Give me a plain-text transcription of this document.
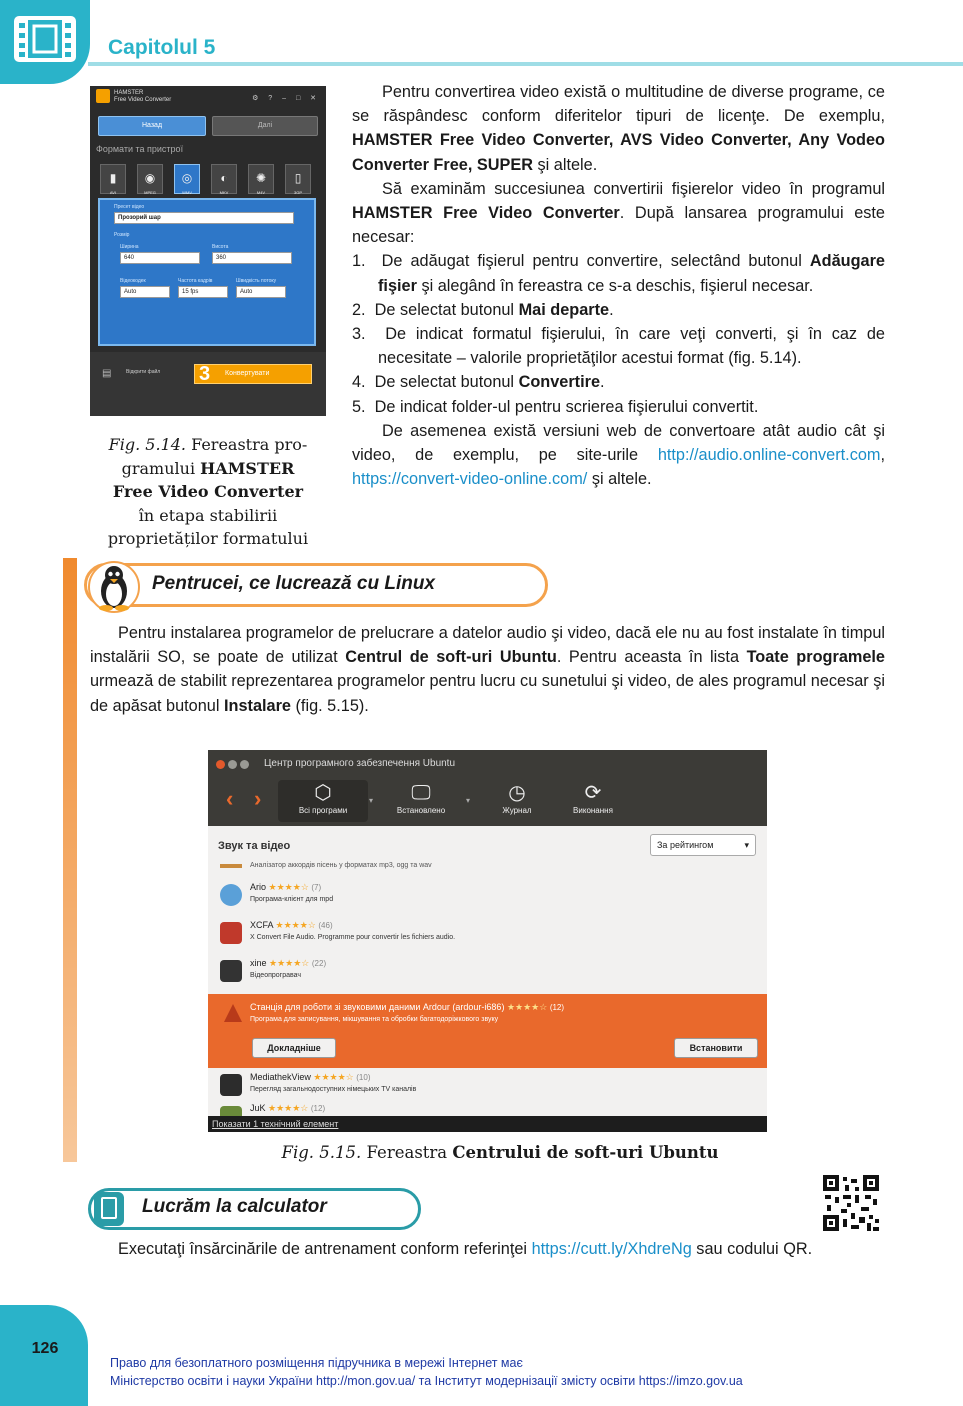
Capitolul 5
HAMSTER
Free Video Converter	⚙ ? – □ ✕
Назад	Далі
Формати та пристрої
▮
AVI
◉
MPEG
◎
WMV
◐
MKV
✺
M4V
▯
3GP
Пресет відео
Прозорий шар
Розмір
Ширина
640
Висота
360
Відеокодек
Auto
Частота кадрів
15 fps
Швидкість потоку
Auto
▤	Відкрити файл 3 Конвертувати
Fig. 5.14. Fereastra pro-
gramului HAMSTER
Free Video Converter
în etapa stabilirii
proprietăților formatului

Pentru convertirea video există o multitudine de diverse programe, ce se răspândesc conform diferitelor tipuri de licenţe. De exemplu, HAMSTER Free Video Converter, AVS Video Converter, Any Vodeo Converter Free, SUPER şi altele.

Să examinăm succesiunea convertirii fişierelor video în programul HAMSTER Free Video Converter. După lansarea programului este necesar:

1. De adăugat fişierul pentru convertire, selectând butonul Adăugare fişier şi alegând în fereastra ce s-a deschis, fişierul necesar.

2. De selectat butonul Mai departe.

3. De indicat formatul fişierului, în care veţi converti, şi în caz de necesitate – valorile proprietăţilor acestui format (fig. 5.14).

4. De selectat butonul Convertire.

5. De indicat folder-ul pentru scrierea fişierului convertit.

De asemenea există versiuni web de convertoare atât audio cât şi video, de exemplu, pe site-urile http://audio.online-convert.com, https://convert-video-online.com/ şi altele.

Pentrucei, ce lucrează cu Linux

Pentru instalarea programelor de prelucrare a datelor audio şi video, dacă ele nu au fost instalate în timpul instalării SO, se poate de utilizat Centrul de soft-uri Ubuntu. Pentru aceasta în lista Toate programele urmează de stabilit reprezentarea programelor pentru lucru cu sunetului şi video, de ales programul necesar şi de apăsat butonul Instalare (fig. 5.15).

Центр програмного забезпечення Ubuntu
‹ ›	⬡
Всі програми
▾	🖵
Встановлено
▾	◷
Журнал
⟳
Виконання
Звук та відео	За рейтингом	▾
Аналізатор аккордів пісень у форматах mp3, ogg та wav
Ario ★★★★☆ (7)
Програма-клієнт для mpd
XCFA ★★★★☆ (46)
X Convert File Audio. Programme pour convertir les fichiers audio.
xine ★★★★☆ (22)
Відеопрогравач
Станція для роботи зі звуковими даними Ardour (ardour-i686) ★★★★☆ (12)
Програма для записування, мікшування та обробки багатодоріжкового звуку
Докладніше	Встановити
MediathekView ★★★★☆ (10)
Перегляд загальнодоступних німецьких TV каналів
JuK ★★★★☆ (12)
Показати 1 технічний елемент
Fig. 5.15. Fereastra Centrului de soft-uri Ubuntu
Lucrăm la calculator

Executaţi însărcinările de antrenament conform referinţei https://cutt.ly/XhdreNg sau codului QR.

126
Право для безоплатного розміщення підручника в мережі Інтернет має
Міністерство освіти і науки України http://mon.gov.ua/ та Інститут модернізації змісту освіти https://imzo.gov.ua
